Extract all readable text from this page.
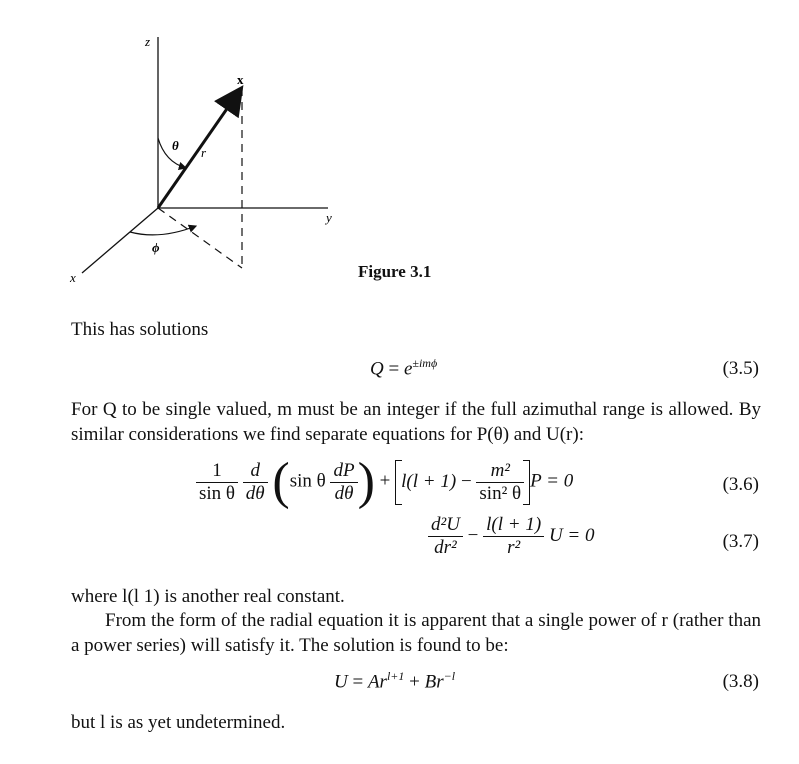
z
y
x
x
θ r
ϕ
Figure 3.1
This has solutions
$Q = e^{\pm im\phi}$	(3.5)
For Q to be single valued, m must be an integer if the full azimuthal range is allowed. By similar considerations we find separate equations for P(θ) and U(r):
$\frac{1}{\text{sin θ}}$
$\frac{d}{d\theta} (\sin$ θ $\frac{dP}{d\theta}$ ) + $l(l + 1) - \frac{\text{m²}}{\text{sin² θ}}$ P = 0	(3.6)
$\frac{\text{d²U}}{\text{dr²}} - \frac{l(l + 1)}{\text{r²}}$ U = 0	(3.7)
where l(l 1) is another real constant.
From the form of the radial equation it is apparent that a single power of r (rather than a power series) will satisfy it. The solution is found to be:
$U = Ar^{l+1} + Br^{-l}$	(3.8)
but l is as yet undetermined.
